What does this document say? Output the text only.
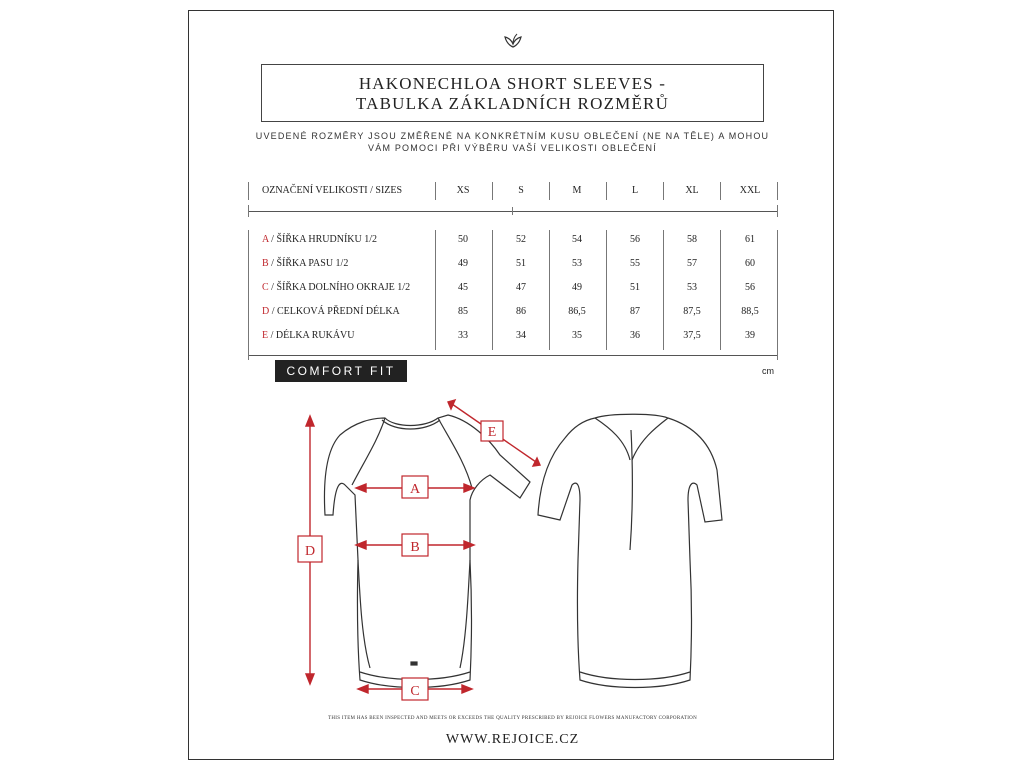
HAKONECHLOA SHORT SLEEVES -
TABULKA ZÁKLADNÍCH ROZMĚRŮ
UVEDENÉ ROZMĚRY JSOU ZMĚŘENÉ NA KONKRÉTNÍM KUSU OBLEČENÍ (NE NA TĚLE) A MOHOU
VÁM POMOCI PŘI VÝBĚRU VAŠÍ VELIKOSTI OBLEČENÍ
OZNAČENÍ VELIKOSTI / SIZES	XS	S	M	L	XL	XXL
A / ŠÍŘKA HRUDNÍKU 1/2	50	52	54	56	58	61
B / ŠÍŘKA PASU 1/2	49	51	53	55	57	60
C / ŠÍŘKA DOLNÍHO OKRAJE 1/2	45	47	49	51	53	56
D / CELKOVÁ PŘEDNÍ DÉLKA	85	86	86,5	87	87,5	88,5
E / DÉLKA RUKÁVU	33	34	35	36	37,5	39
COMFORT FIT	cm
D
A
B
C
E
THIS ITEM HAS BEEN INSPECTED AND MEETS OR EXCEEDS THE QUALITY PRESCRIBED BY REJOICE FLOWERS MANUFACTORY CORPORATION
WWW.REJOICE.CZ
